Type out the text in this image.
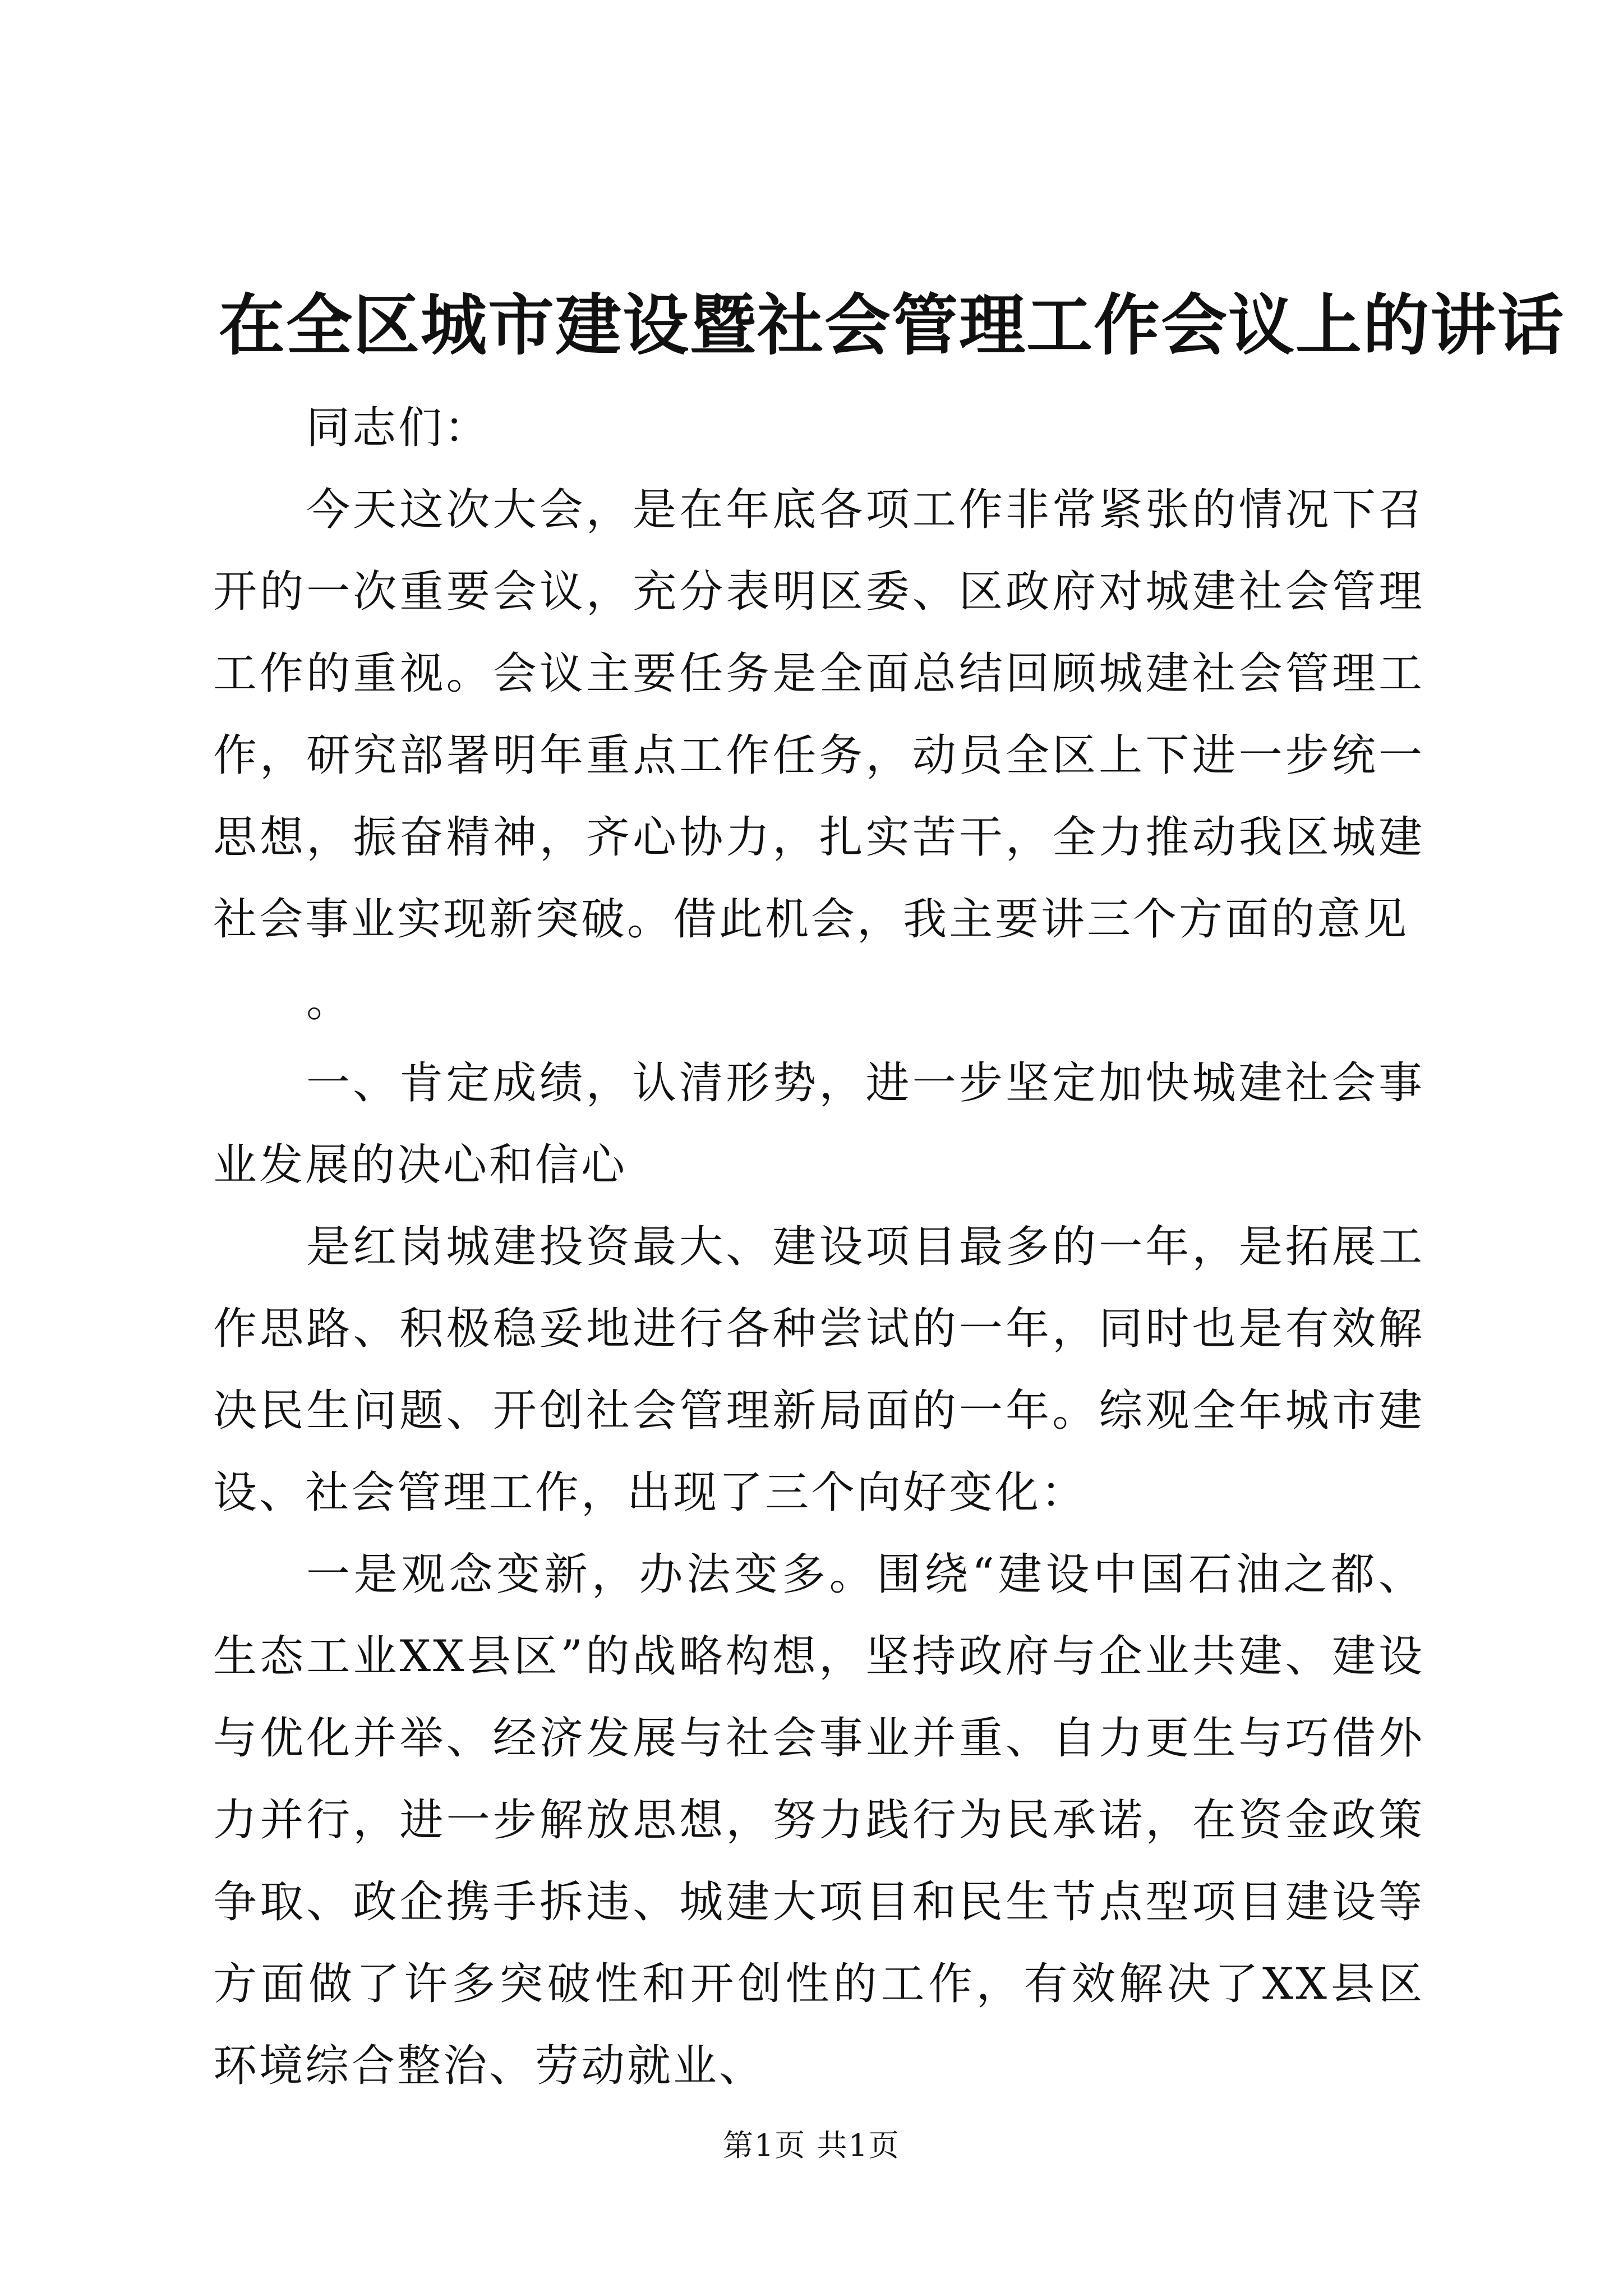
在全区城市建设暨社会管理工作会议上的讲话

同志们：

今天这次大会，是在年底各项工作非常紧张的情况下召开的一次重要会议，充分表明区委、区政府对城建社会管理工作的重视。会议主要任务是全面总结回顾城建社会管理工作，研究部署明年重点工作任务，动员全区上下进一步统一思想，振奋精神，齐心协力，扎实苦干，全力推动我区城建社会事业实现新突破。借此机会，我主要讲三个方面的意见

。

一、肯定成绩，认清形势，进一步坚定加快城建社会事业发展的决心和信心

是红岗城建投资最大、建设项目最多的一年，是拓展工作思路、积极稳妥地进行各种尝试的一年，同时也是有效解决民生问题、开创社会管理新局面的一年。综观全年城市建设、社会管理工作，出现了三个向好变化：

一是观念变新，办法变多。围绕“建设中国石油之都、生态工业XX县区”的战略构想，坚持政府与企业共建、建设与优化并举、经济发展与社会事业并重、自力更生与巧借外力并行，进一步解放思想，努力践行为民承诺，在资金政策争取、政企携手拆违、城建大项目和民生节点型项目建设等方面做了许多突破性和开创性的工作，有效解决了XX县区环境综合整治、劳动就业、

第1页 共1页
